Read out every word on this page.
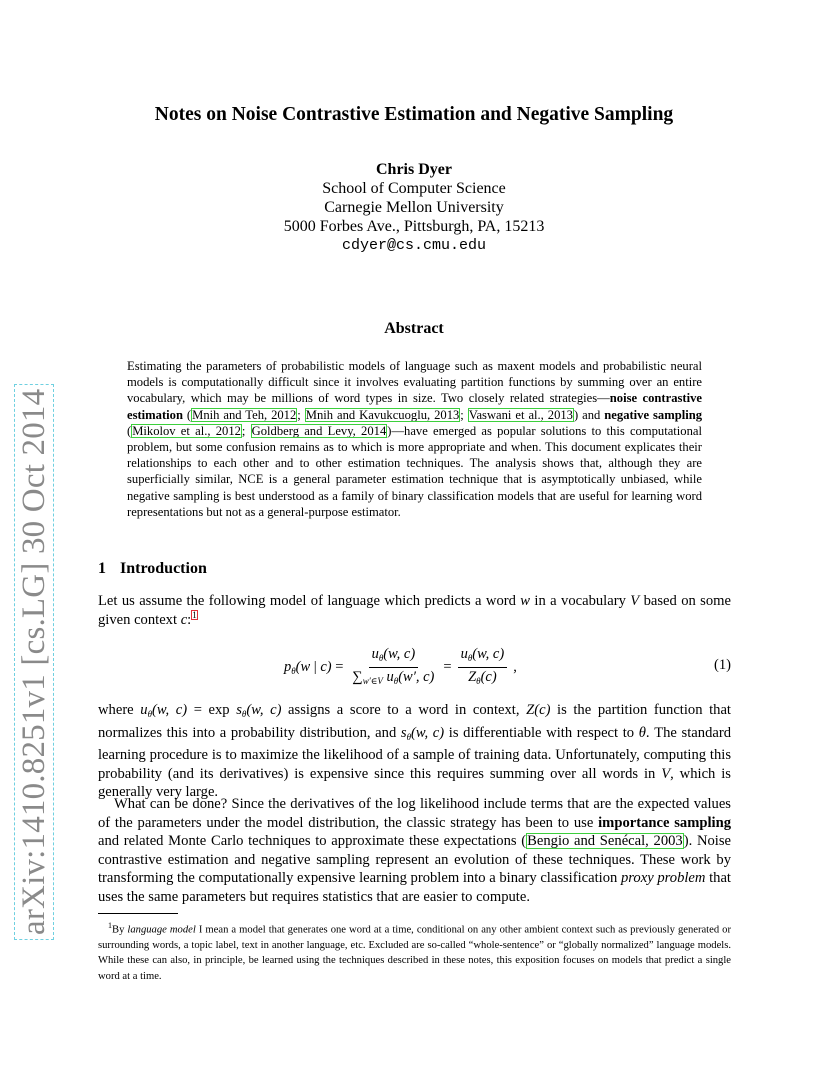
arXiv:1410.8251v1 [cs.LG] 30 Oct 2014
Notes on Noise Contrastive Estimation and Negative Sampling
Chris Dyer
School of Computer Science
Carnegie Mellon University
5000 Forbes Ave., Pittsburgh, PA, 15213
cdyer@cs.cmu.edu
Abstract
Estimating the parameters of probabilistic models of language such as maxent models and probabilistic neural models is computationally difficult since it involves evaluating partition functions by summing over an entire vocabulary, which may be millions of word types in size. Two closely related strategies—noise contrastive estimation (Mnih and Teh, 2012; Mnih and Kavukcuoglu, 2013; Vaswani et al., 2013) and negative sampling (Mikolov et al., 2012; Goldberg and Levy, 2014)—have emerged as popular solutions to this computational problem, but some confusion remains as to which is more appropriate and when. This document explicates their relationships to each other and to other estimation techniques. The analysis shows that, although they are superficially similar, NCE is a general parameter estimation technique that is asymptotically unbiased, while negative sampling is best understood as a family of binary classification models that are useful for learning word representations but not as a general-purpose estimator.
1 Introduction
Let us assume the following model of language which predicts a word w in a vocabulary V based on some given context c:$^1$
$p_\theta(w$ | $c) = \frac{u_\theta(w, c)}{\sum_{w'\in V} u_\theta(w', c)} = \frac{u_\theta(w, c)}{Z_\theta(c)}$ ,	(1)
where $u_\theta(w$, $c) = \exp s_\theta(w$, c) assigns a score to a word in context, Z(c) is the partition function that normalizes this into a probability distribution, and $s_\theta(w$, c) is differentiable with respect to θ. The standard learning procedure is to maximize the likelihood of a sample of training data. Unfortunately, computing this probability (and its derivatives) is expensive since this requires summing over all words in V, which is generally very large.
What can be done? Since the derivatives of the log likelihood include terms that are the expected values of the parameters under the model distribution, the classic strategy has been to use importance sampling and related Monte Carlo techniques to approximate these expectations (Bengio and Senécal, 2003). Noise contrastive estimation and negative sampling represent an evolution of these techniques. These work by transforming the computationally expensive learning problem into a binary classification proxy problem that uses the same parameters but requires statistics that are easier to compute.
$^1$By language model I mean a model that generates one word at a time, conditional on any other ambient context such as previously generated or surrounding words, a topic label, text in another language, etc. Excluded are so-called “whole-sentence” or “globally normalized” language models. While these can also, in principle, be learned using the techniques described in these notes, this exposition focuses on models that predict a single word at a time.
